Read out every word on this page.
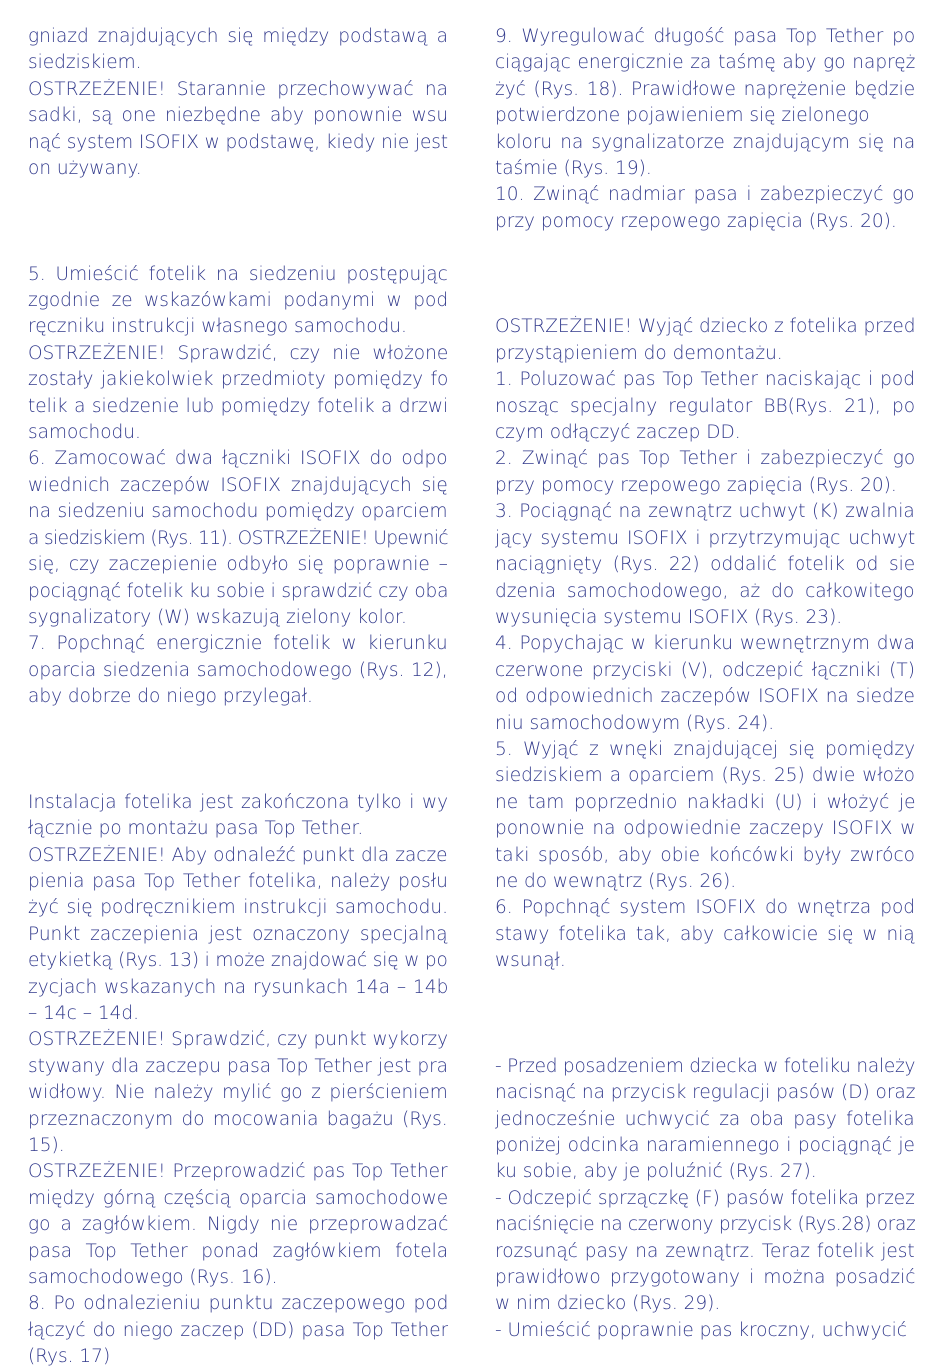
gniazd znajdujących się między podstawą a
siedziskiem.
OSTRZEŻENIE! Starannie przechowywać na
sadki, są one niezbędne aby ponownie wsu
nąć system ISOFIX w podstawę, kiedy nie jest
on używany.
5. Umieścić fotelik na siedzeniu postępując
zgodnie ze wskazówkami podanymi w pod
ręczniku instrukcji własnego samochodu.
OSTRZEŻENIE! Sprawdzić, czy nie włożone
zostały jakiekolwiek przedmioty pomiędzy fo
telik a siedzenie lub pomiędzy fotelik a drzwi
samochodu.
6. Zamocować dwa łączniki ISOFIX do odpo
wiednich zaczepów ISOFIX znajdujących się
na siedzeniu samochodu pomiędzy oparciem
a siedziskiem (Rys. 11). OSTRZEŻENIE! Upewnić
się, czy zaczepienie odbyło się poprawnie –
pociągnąć fotelik ku sobie i sprawdzić czy oba
sygnalizatory (W) wskazują zielony kolor.
7. Popchnąć energicznie fotelik w kierunku
oparcia siedzenia samochodowego (Rys. 12),
aby dobrze do niego przylegał.
Instalacja fotelika jest zakończona tylko i wy
łącznie po montażu pasa Top Tether.
OSTRZEŻENIE! Aby odnaleźć punkt dla zacze
pienia pasa Top Tether fotelika, należy posłu
żyć się podręcznikiem instrukcji samochodu.
Punkt zaczepienia jest oznaczony specjalną
etykietką (Rys. 13) i może znajdować się w po
zycjach wskazanych na rysunkach 14a – 14b
– 14c – 14d.
OSTRZEŻENIE! Sprawdzić, czy punkt wykorzy
stywany dla zaczepu pasa Top Tether jest pra
widłowy. Nie należy mylić go z pierścieniem
przeznaczonym do mocowania bagażu (Rys.
15).
OSTRZEŻENIE! Przeprowadzić pas Top Tether
między górną częścią oparcia samochodowe
go a zagłówkiem. Nigdy nie przeprowadzać
pasa Top Tether ponad zagłówkiem fotela
samochodowego (Rys. 16).
8. Po odnalezieniu punktu zaczepowego pod
łączyć do niego zaczep (DD) pasa Top Tether
(Rys. 17)
9. Wyregulować długość pasa Top Tether po
ciągając energicznie za taśmę aby go napręż
żyć (Rys. 18). Prawidłowe naprężenie będzie
potwierdzone pojawieniem się zielonego
koloru na sygnalizatorze znajdującym się na
taśmie (Rys. 19).
10. Zwinąć nadmiar pasa i zabezpieczyć go
przy pomocy rzepowego zapięcia (Rys. 20).
OSTRZEŻENIE! Wyjąć dziecko z fotelika przed
przystąpieniem do demontażu.
1. Poluzować pas Top Tether naciskając i pod
nosząc specjalny regulator BB(Rys. 21), po
czym odłączyć zaczep DD.
2. Zwinąć pas Top Tether i zabezpieczyć go
przy pomocy rzepowego zapięcia (Rys. 20).
3. Pociągnąć na zewnątrz uchwyt (K) zwalnia
jący systemu ISOFIX i przytrzymując uchwyt
naciągnięty (Rys. 22) oddalić fotelik od sie
dzenia samochodowego, aż do całkowitego
wysunięcia systemu ISOFIX (Rys. 23).
4. Popychając w kierunku wewnętrznym dwa
czerwone przyciski (V), odczepić łączniki (T)
od odpowiednich zaczepów ISOFIX na siedze
niu samochodowym (Rys. 24).
5. Wyjąć z wnęki znajdującej się pomiędzy
siedziskiem a oparciem (Rys. 25) dwie włożo
ne tam poprzednio nakładki (U) i włożyć je
ponownie na odpowiednie zaczepy ISOFIX w
taki sposób, aby obie końcówki były zwróco
ne do wewnątrz (Rys. 26).
6. Popchnąć system ISOFIX do wnętrza pod
stawy fotelika tak, aby całkowicie się w nią
wsunął.
- Przed posadzeniem dziecka w foteliku należy
nacisnąć na przycisk regulacji pasów (D) oraz
jednocześnie uchwycić za oba pasy fotelika
poniżej odcinka naramiennego i pociągnąć je
ku sobie, aby je poluźnić (Rys. 27).
- Odczepić sprzączkę (F) pasów fotelika przez
naciśnięcie na czerwony przycisk (Rys.28) oraz
rozsunąć pasy na zewnątrz. Teraz fotelik jest
prawidłowo przygotowany i można posadzić
w nim dziecko (Rys. 29).
- Umieścić poprawnie pas kroczny, uchwycić
